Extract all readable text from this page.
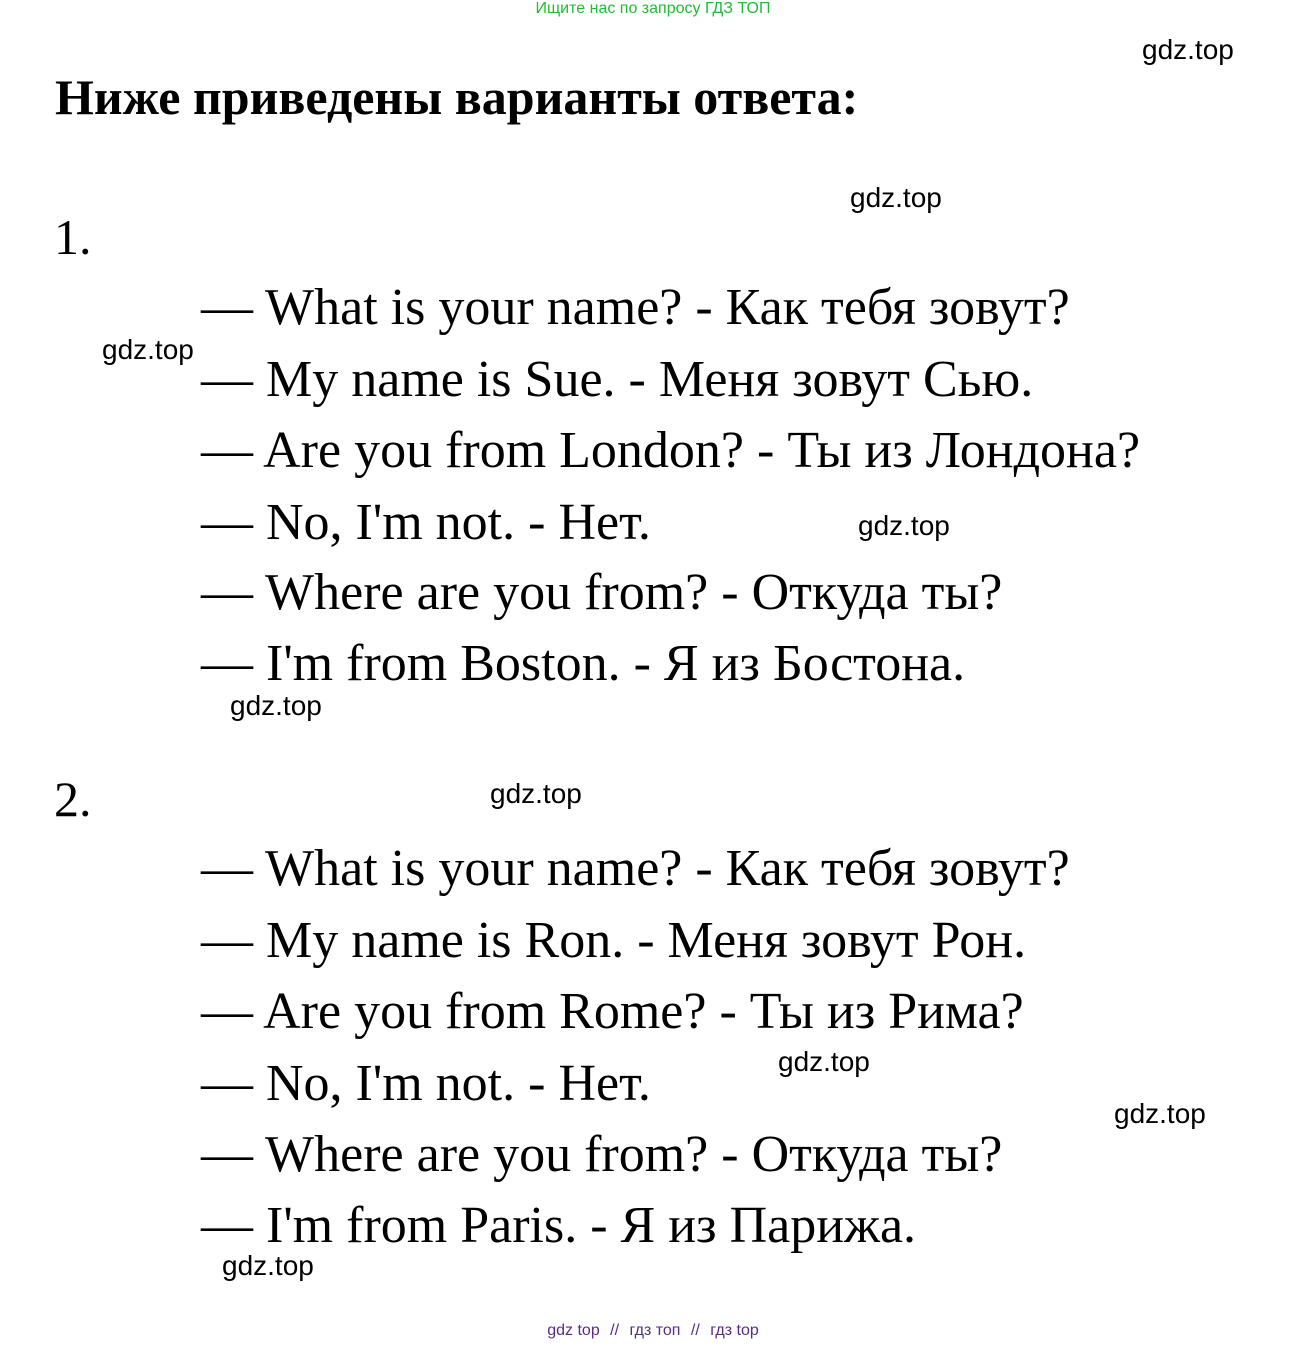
Ищите нас по запросу ГДЗ ТОП
gdz.top
Ниже приведены варианты ответа:
1.
gdz.top
— What is your name? - Как тебя зовут?
gdz.top
— My name is Sue. - Меня зовут Сью.
— Are you from London? - Ты из Лондона?
— No, I'm not. - Нет.	gdz.top
— Where are you from? - Откуда ты?
— I'm from Boston. - Я из Бостона.
gdz.top
2.	gdz.top
— What is your name? - Как тебя зовут?
— My name is Ron. - Меня зовут Рон.
— Are you from Rome? - Ты из Рима?
gdz.top
— No, I'm not. - Нет.
gdz.top
— Where are you from? - Откуда ты?
— I'm from Paris. - Я из Парижа.
gdz.top
gdz top // гдз топ // гдз top
